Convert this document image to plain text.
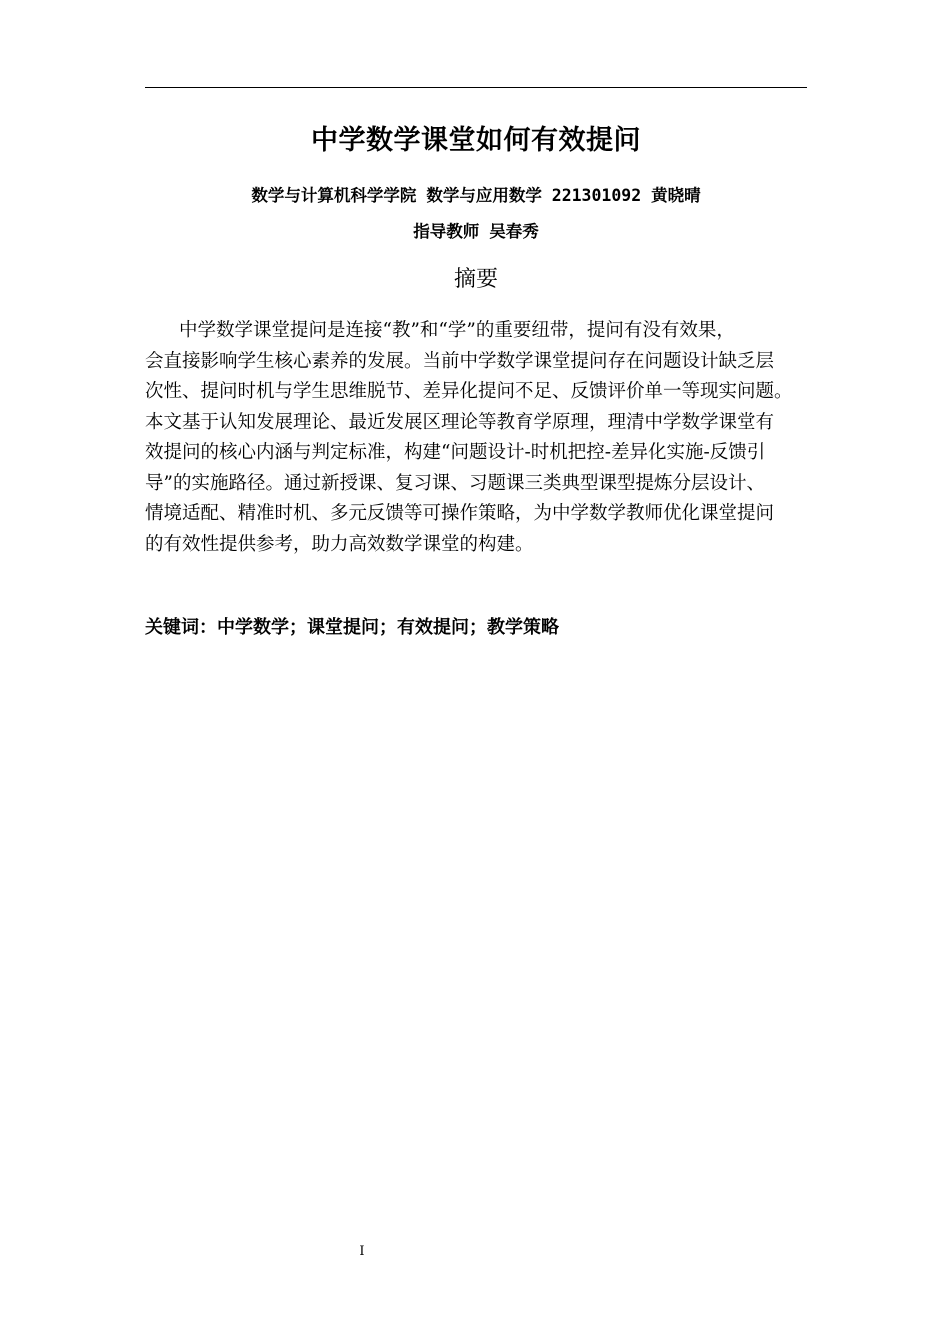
中学数学课堂如何有效提问
数学与计算机科学学院 数学与应用数学 221301092 黄晓晴
指导教师 吴春秀
摘要
中学数学课堂提问是连接“教”和“学”的重要纽带，提问有没有效果，
会直接影响学生核心素养的发展。当前中学数学课堂提问存在问题设计缺乏层
次性、提问时机与学生思维脱节、差异化提问不足、反馈评价单一等现实问题。
本文基于认知发展理论、最近发展区理论等教育学原理，理清中学数学课堂有
效提问的核心内涵与判定标准，构建“问题设计-时机把控-差异化实施-反馈引
导”的实施路径。通过新授课、复习课、习题课三类典型课型提炼分层设计、
情境适配、精准时机、多元反馈等可操作策略，为中学数学教师优化课堂提问
的有效性提供参考，助力高效数学课堂的构建。
关键词：中学数学；课堂提问；有效提问；教学策略
I
